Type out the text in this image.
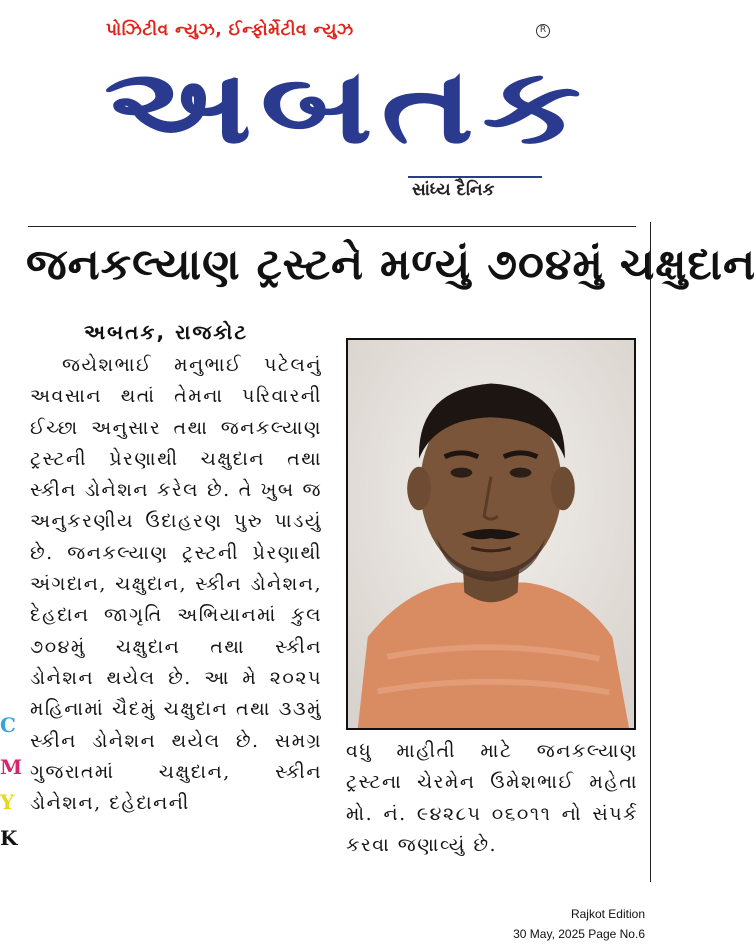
પોઝિટીવ ન્યુઝ, ઈન્ફોર્મેટીવ ન્યુઝ	R
અબતક
સાંધ્ય દૈનિક
જનકલ્યાણ ટ્રસ્ટને મળ્યું ૭૦૪મું ચક્ષુદાન
અબતક, રાજકોટ

જયેશભાઈ મનુભાઈ પટેલનું અવસાન થતાં તેમના પરિવારની ઈચ્છા અનુસાર તથા જનકલ્યાણ ટ્રસ્ટની પ્રેરણાથી ચક્ષુદાન તથા સ્કીન ડોનેશન કરેલ છે. તે ખુબ જ અનુકરણીય ઉદાહરણ પુરુ પાડયું છે. જનકલ્યાણ ટ્રસ્ટની પ્રેરણાથી અંગદાન, ચક્ષુદાન, સ્કીન ડોનેશન, દેહદાન જાગૃતિ અભિયાનમાં કુલ ૭૦૪મું ચક્ષુદાન તથા સ્કીન ડોનેશન થયેલ છે. આ મે ૨૦૨૫ મહિનામાં ચૈદમું ચક્ષુદાન તથા ૩૩મું સ્કીન ડોનેશન થયેલ છે. સમગ્ર ગુજરાતમાં ચક્ષુદાન, સ્કીન ડોનેશન, દહેદાનની

વધુ માહીતી માટે જનકલ્યાણ ટ્રસ્ટના ચેરમેન ઉમેશભાઈ મહેતા મો. નં. ૯૪૨૮૫ ૦૬૦૧૧ નો સંપર્ક કરવા જણાવ્યું છે.
C
M
Y
K
Rajkot Edition
30 May, 2025 Page No.6
